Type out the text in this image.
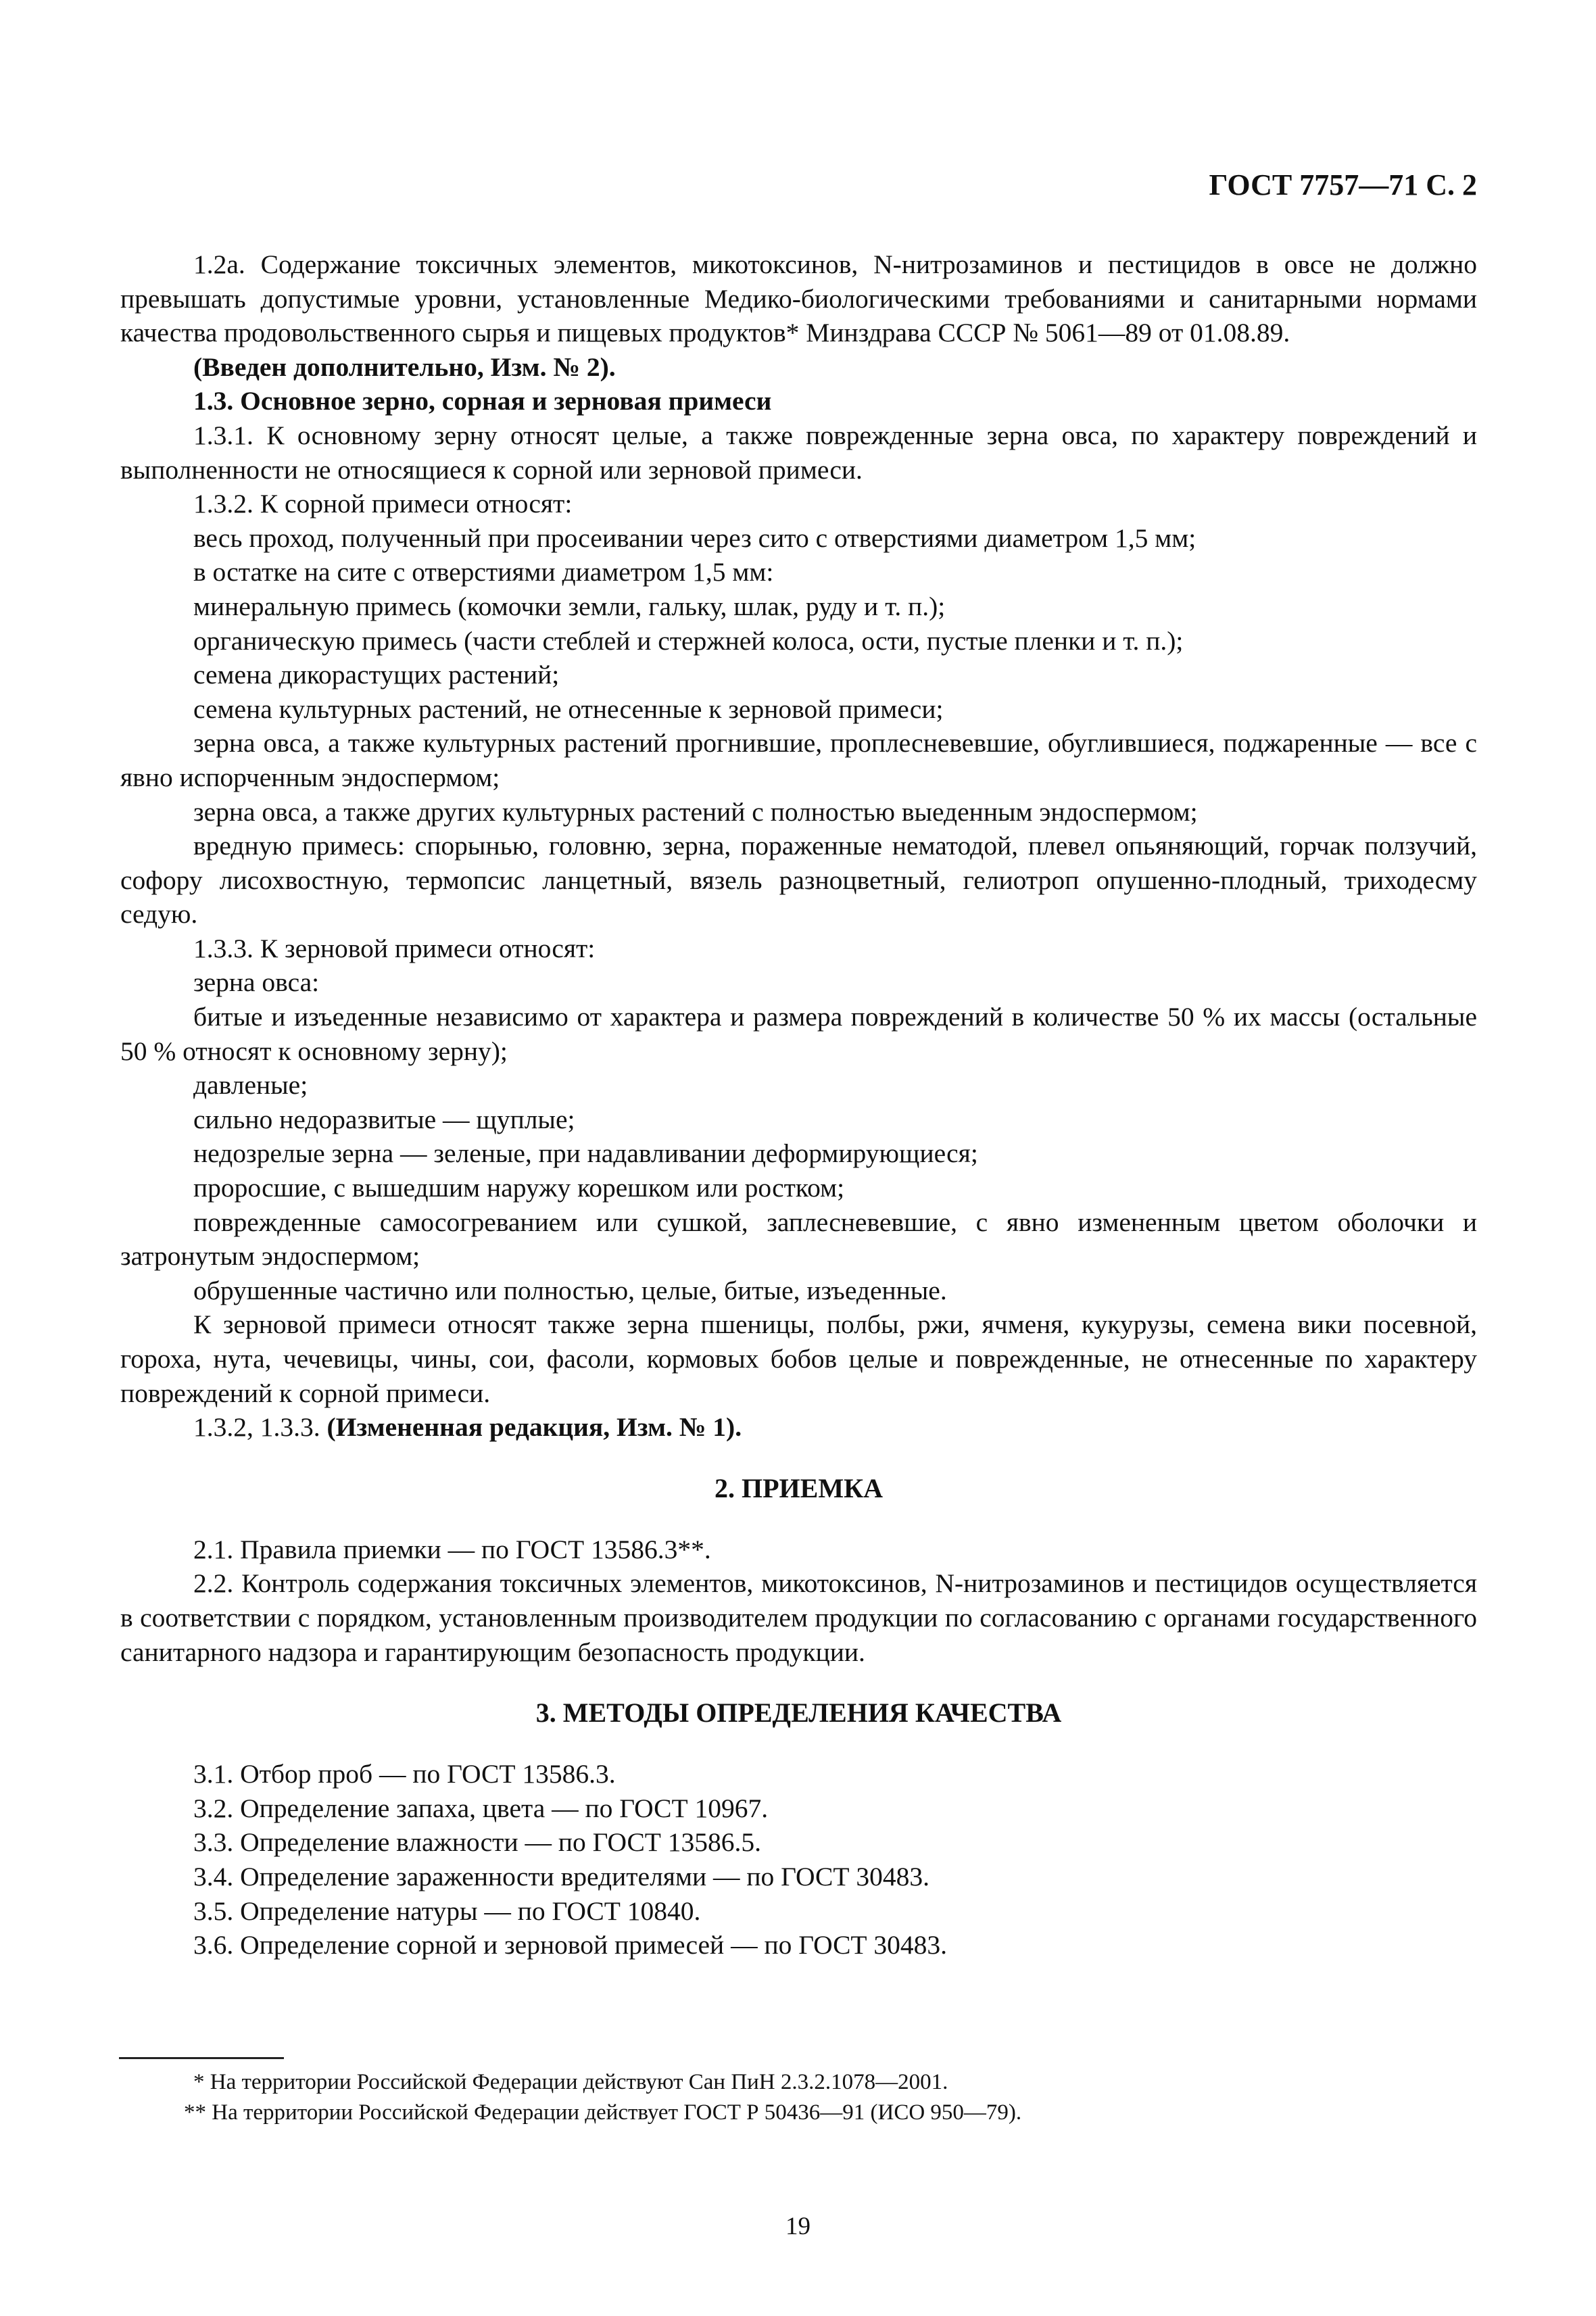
ГОСТ 7757—71 С. 2

1.2а. Содержание токсичных элементов, микотоксинов, N-нитрозаминов и пестицидов в овсе не должно превышать допустимые уровни, установленные Медико-биологическими требованиями и санитарными нормами качества продовольственного сырья и пищевых продуктов* Минздрава СССР № 5061—89 от 01.08.89.

(Введен дополнительно, Изм. № 2).

1.3. Основное зерно, сорная и зерновая примеси

1.3.1. К основному зерну относят целые, а также поврежденные зерна овса, по характеру повреждений и выполненности не относящиеся к сорной или зерновой примеси.

1.3.2. К сорной примеси относят:

весь проход, полученный при просеивании через сито с отверстиями диаметром 1,5 мм;

в остатке на сите с отверстиями диаметром 1,5 мм:

минеральную примесь (комочки земли, гальку, шлак, руду и т. п.);

органическую примесь (части стеблей и стержней колоса, ости, пустые пленки и т. п.);

семена дикорастущих растений;

семена культурных растений, не отнесенные к зерновой примеси;

зерна овса, а также культурных растений прогнившие, проплесневевшие, обуглившиеся, поджаренные — все с явно испорченным эндоспермом;

зерна овса, а также других культурных растений с полностью выеденным эндоспермом;

вредную примесь: спорынью, головню, зерна, пораженные нематодой, плевел опьяняющий, горчак ползучий, софору лисохвостную, термопсис ланцетный, вязель разноцветный, гелиотроп опушенно-плодный, триходесму седую.

1.3.3. К зерновой примеси относят:

зерна овса:

битые и изъеденные независимо от характера и размера повреждений в количестве 50 % их массы (остальные 50 % относят к основному зерну);

давленые;

сильно недоразвитые — щуплые;

недозрелые зерна — зеленые, при надавливании деформирующиеся;

проросшие, с вышедшим наружу корешком или ростком;

поврежденные самосогреванием или сушкой, заплесневевшие, с явно измененным цветом оболочки и затронутым эндоспермом;

обрушенные частично или полностью, целые, битые, изъеденные.

К зерновой примеси относят также зерна пшеницы, полбы, ржи, ячменя, кукурузы, семена вики посевной, гороха, нута, чечевицы, чины, сои, фасоли, кормовых бобов целые и поврежденные, не отнесенные по характеру повреждений к сорной примеси.

1.3.2, 1.3.3. (Измененная редакция, Изм. № 1).

2. ПРИЕМКА

2.1. Правила приемки — по ГОСТ 13586.3**.

2.2. Контроль содержания токсичных элементов, микотоксинов, N-нитрозаминов и пестицидов осуществляется в соответствии с порядком, установленным производителем продукции по согласованию с органами государственного санитарного надзора и гарантирующим безопасность продукции.

3. МЕТОДЫ ОПРЕДЕЛЕНИЯ КАЧЕСТВА

3.1. Отбор проб — по ГОСТ 13586.3.

3.2. Определение запаха, цвета — по ГОСТ 10967.

3.3. Определение влажности — по ГОСТ 13586.5.

3.4. Определение зараженности вредителями — по ГОСТ 30483.

3.5. Определение натуры — по ГОСТ 10840.

3.6. Определение сорной и зерновой примесей — по ГОСТ 30483.

* На территории Российской Федерации действуют Сан ПиН 2.3.2.1078—2001.

** На территории Российской Федерации действует ГОСТ Р 50436—91 (ИСО 950—79).

19
